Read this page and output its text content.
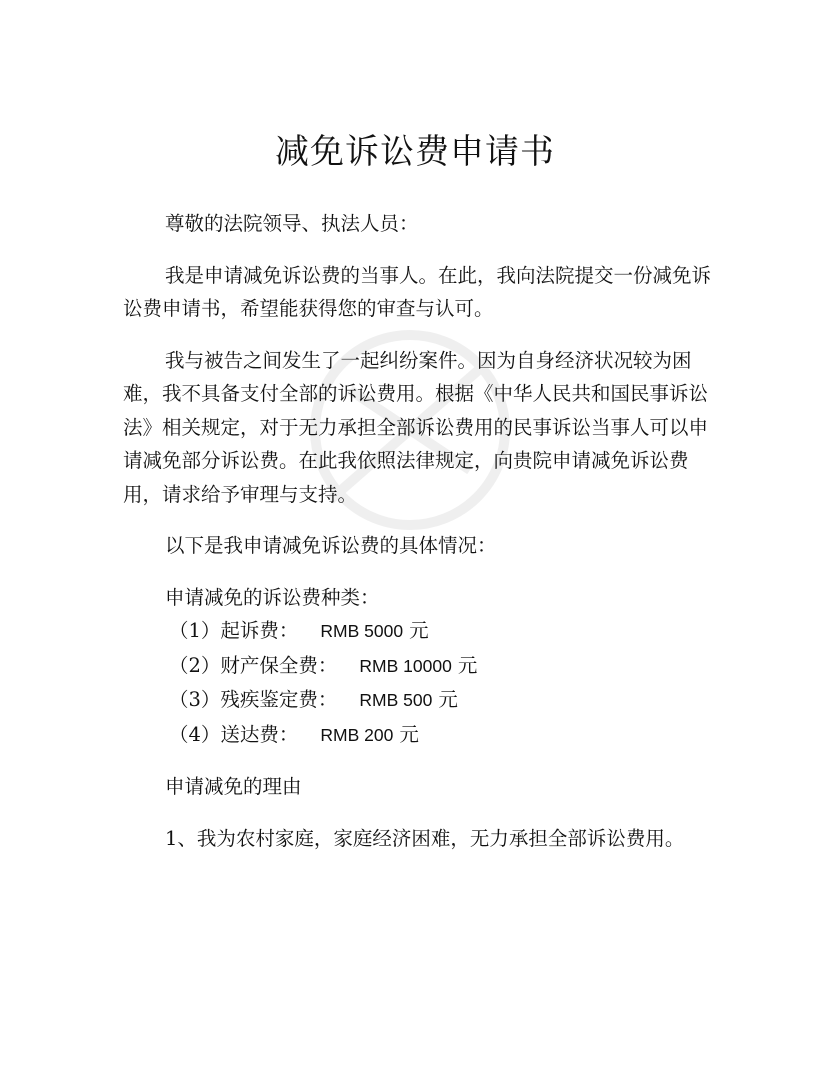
减免诉讼费申请书

尊敬的法院领导、执法人员：

我是申请减免诉讼费的当事人。在此，我向法院提交一份减免诉讼费申请书，希望能获得您的审查与认可。

我与被告之间发生了一起纠纷案件。因为自身经济状况较为困难，我不具备支付全部的诉讼费用。根据《中华人民共和国民事诉讼法》相关规定，对于无力承担全部诉讼费用的民事诉讼当事人可以申请减免部分诉讼费。在此我依照法律规定，向贵院申请减免诉讼费用，请求给予审理与支持。

以下是我申请减免诉讼费的具体情况：

申请减免的诉讼费种类：

（1）起诉费： RMB 5000 元
（2）财产保全费： RMB 10000 元
（3）残疾鉴定费： RMB 500 元
（4）送达费： RMB 200 元

申请减免的理由

1、我为农村家庭，家庭经济困难，无力承担全部诉讼费用。
